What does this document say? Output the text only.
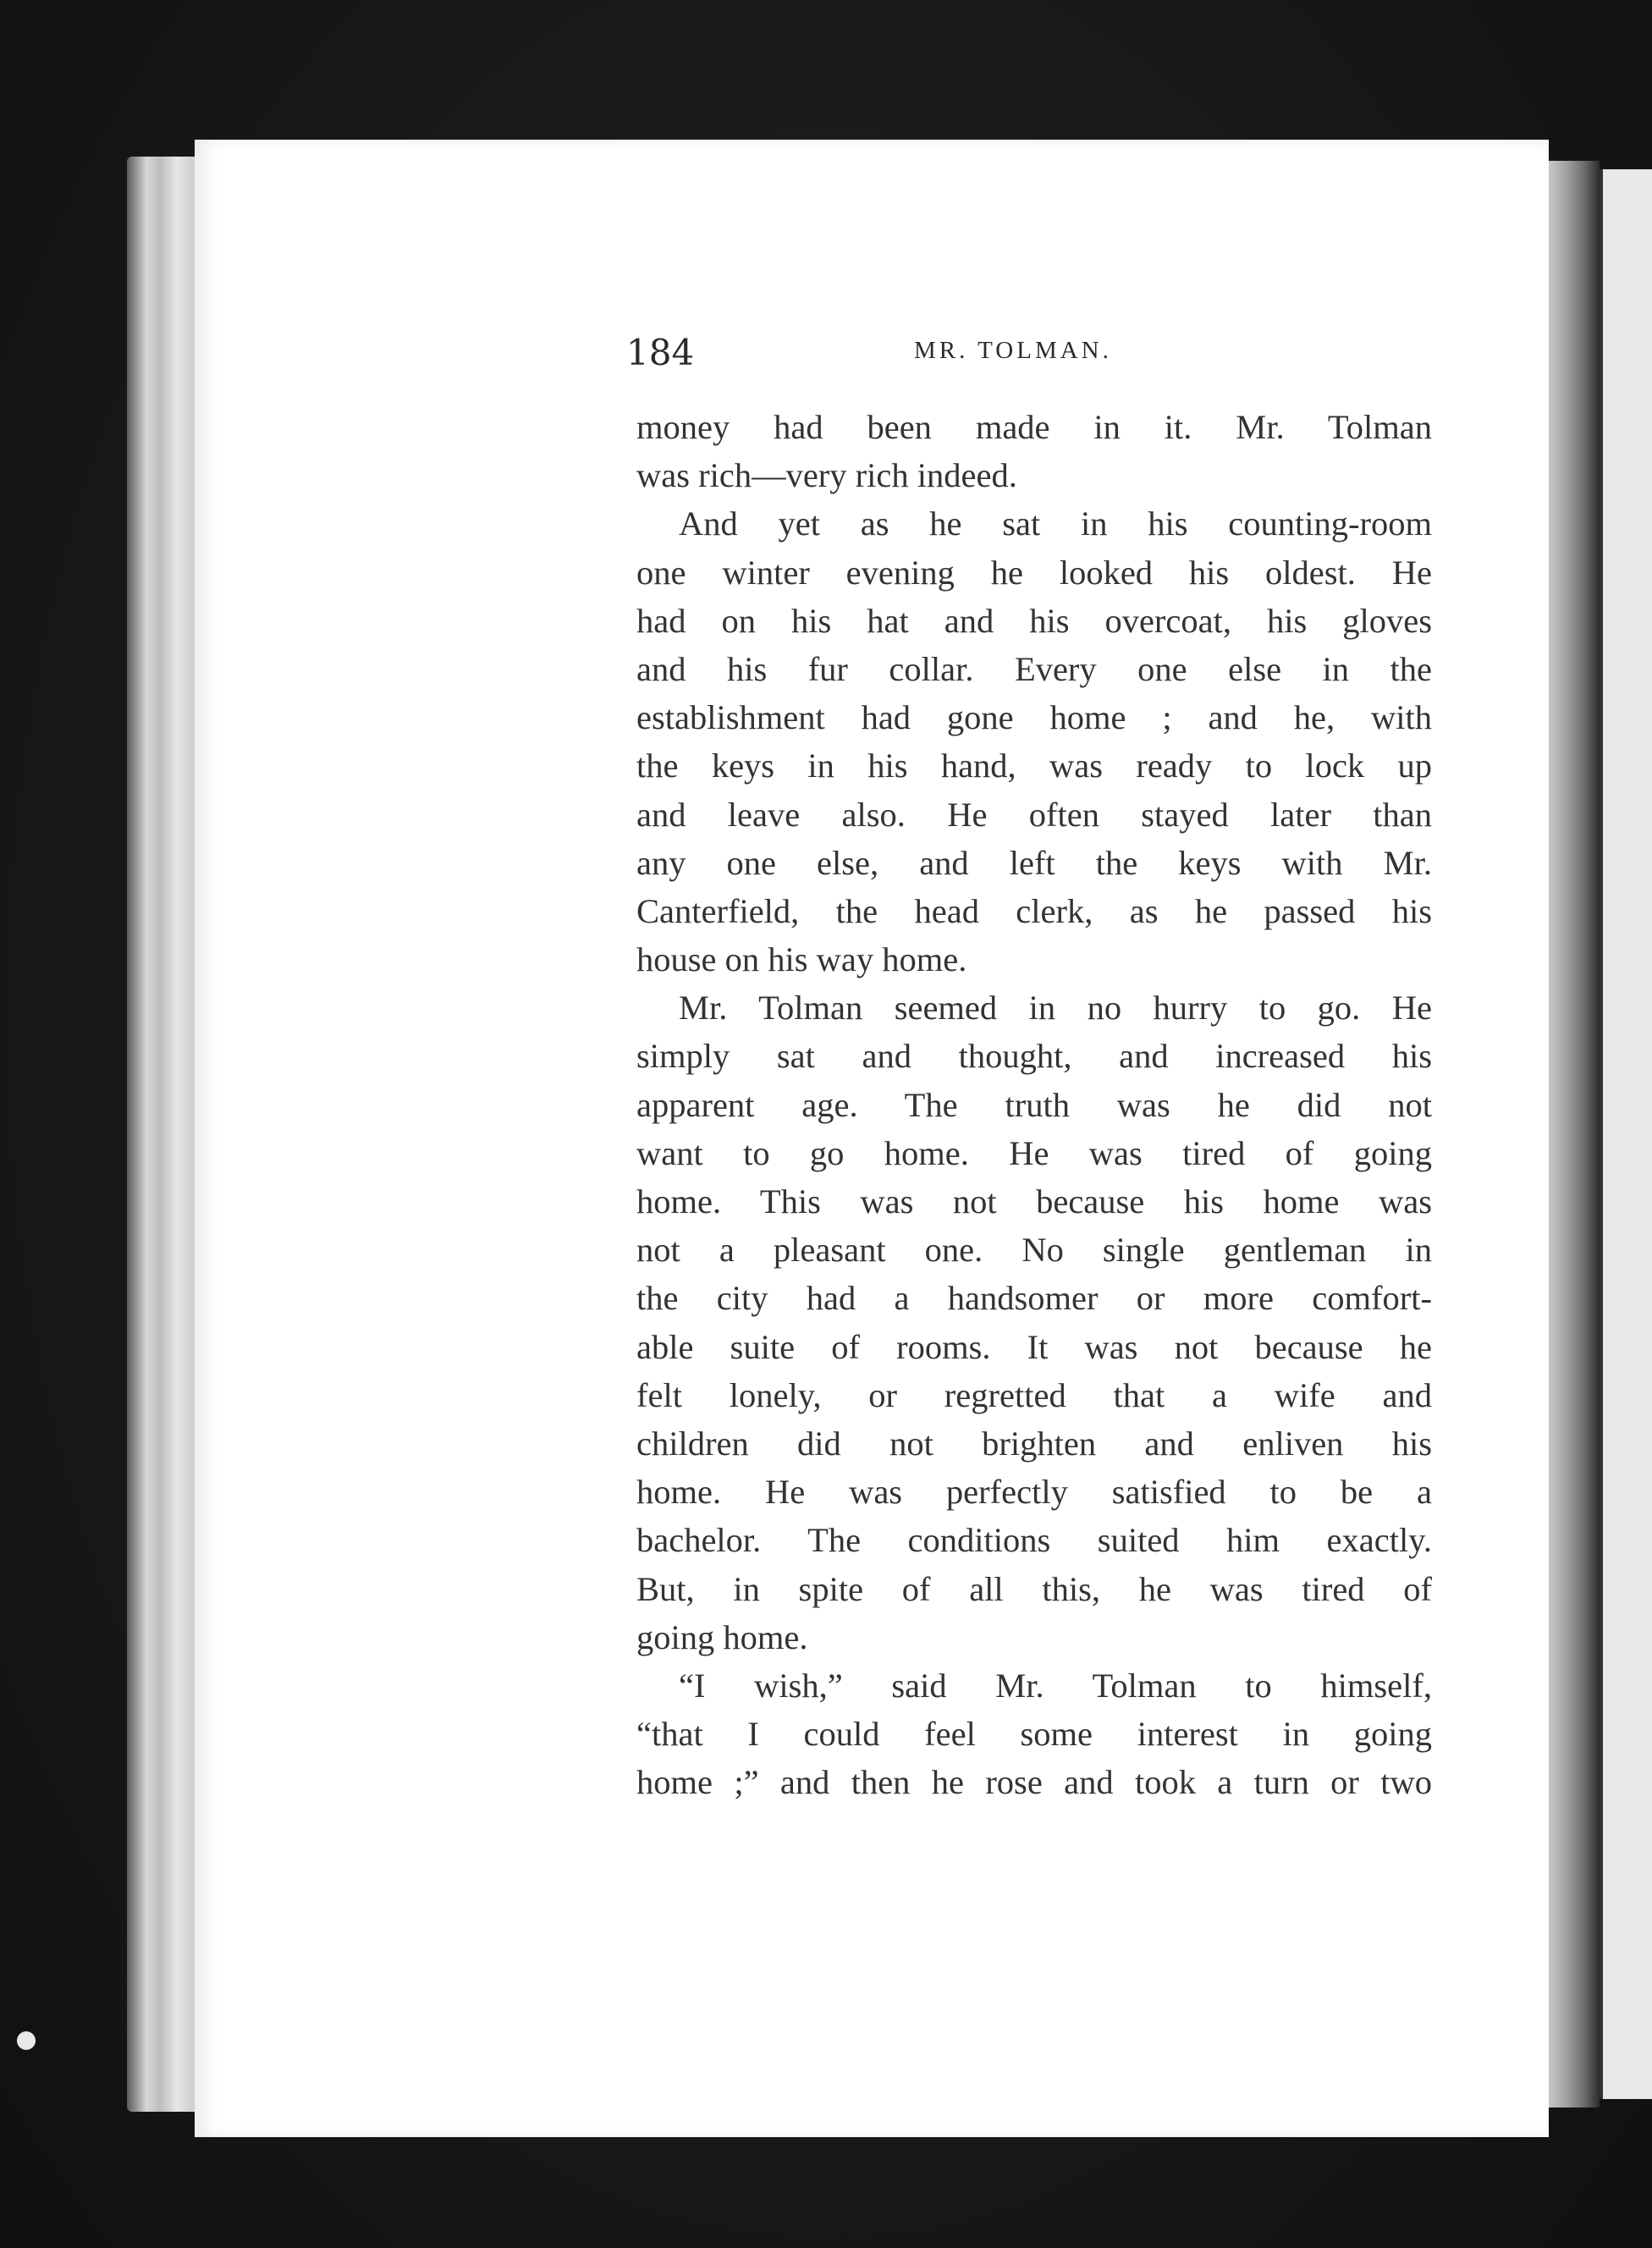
184	MR. TOLMAN.
money had been made in it. Mr. Tolman
was rich—very rich indeed.
And yet as he sat in his counting-room
one winter evening he looked his oldest. He
had on his hat and his overcoat, his gloves
and his fur collar. Every one else in the
establishment had gone home ; and he, with
the keys in his hand, was ready to lock up
and leave also. He often stayed later than
any one else, and left the keys with Mr.
Canterfield, the head clerk, as he passed his
house on his way home.
Mr. Tolman seemed in no hurry to go. He
simply sat and thought, and increased his
apparent age. The truth was he did not
want to go home. He was tired of going
home. This was not because his home was
not a pleasant one. No single gentleman in
the city had a handsomer or more comfort-
able suite of rooms. It was not because he
felt lonely, or regretted that a wife and
children did not brighten and enliven his
home. He was perfectly satisfied to be a
bachelor. The conditions suited him exactly.
But, in spite of all this, he was tired of
going home.
“I wish,” said Mr. Tolman to himself,
“that I could feel some interest in going
home ;” and then he rose and took a turn or two
